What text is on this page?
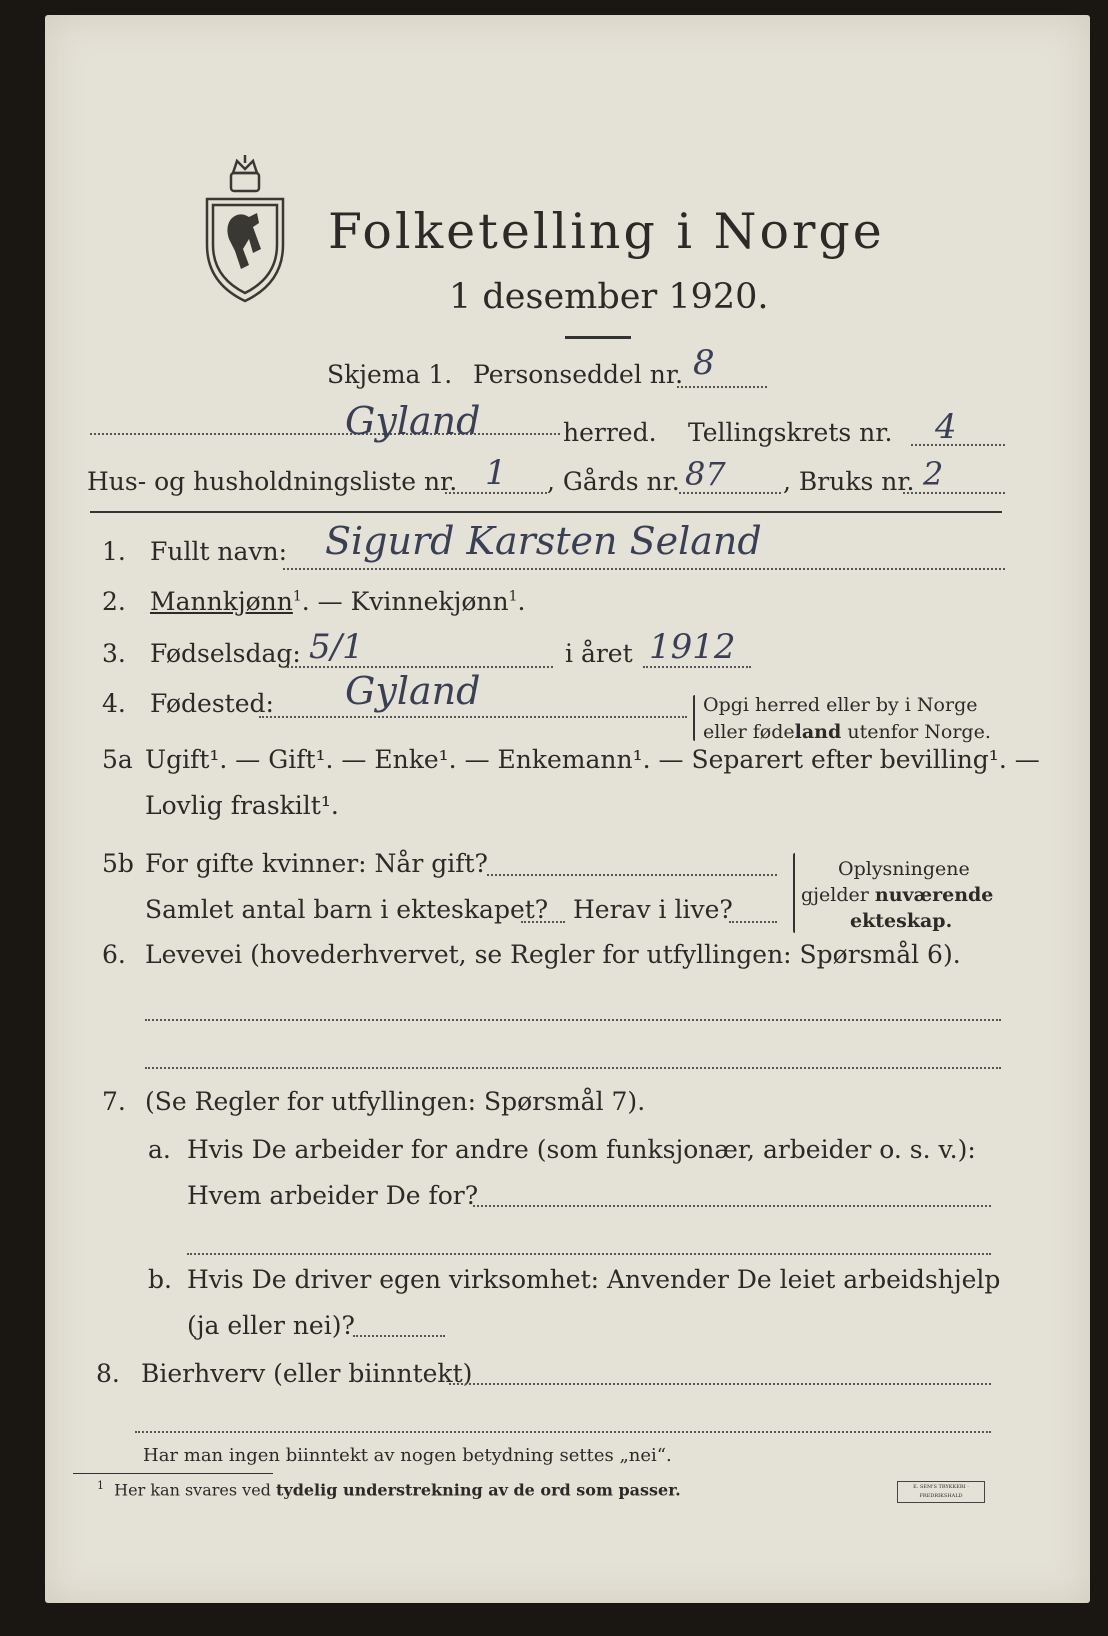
Folketelling i Norge
1 desember 1920.
Skjema 1. Personseddel nr. 8
Gyland	herred. Tellingskrets nr. 4
Hus- og husholdningsliste nr. 1 , Gårds nr. 87 , Bruks nr. 2
1. Fullt navn: Sigurd Karsten Seland
2. Mannkjønn$^1$. — Kvinnekjønn$^1$.
3. Fødselsdag: 5/1	i året 1912
4. Fødested: Gyland	Opgi herred eller by i Norge
eller fødeland utenfor Norge.
5a Ugift¹. — Gift¹. — Enke¹. — Enkemann¹. — Separert efter bevilling¹. —
Lovlig fraskilt¹.
5b For gifte kvinner: Når gift?
Samlet antal barn i ekteskapet? Herav i live?
Oplysningene
gjelder nuværende
ekteskap.
6. Levevei (hovederhvervet, se Regler for utfyllingen: Spørsmål 6).
7. (Se Regler for utfyllingen: Spørsmål 7).
a. Hvis De arbeider for andre (som funksjonær, arbeider o. s. v.):
Hvem arbeider De for?
b. Hvis De driver egen virksomhet: Anvender De leiet arbeidshjelp
(ja eller nei)?
8. Bierhverv (eller biinntekt)
Har man ingen biinntekt av nogen betydning settes „nei“.
$^1$ Her kan svares ved tydelig understrekning av de ord som passer.	E. SEM'S TRYKKERI · FREDRIKSHALD
